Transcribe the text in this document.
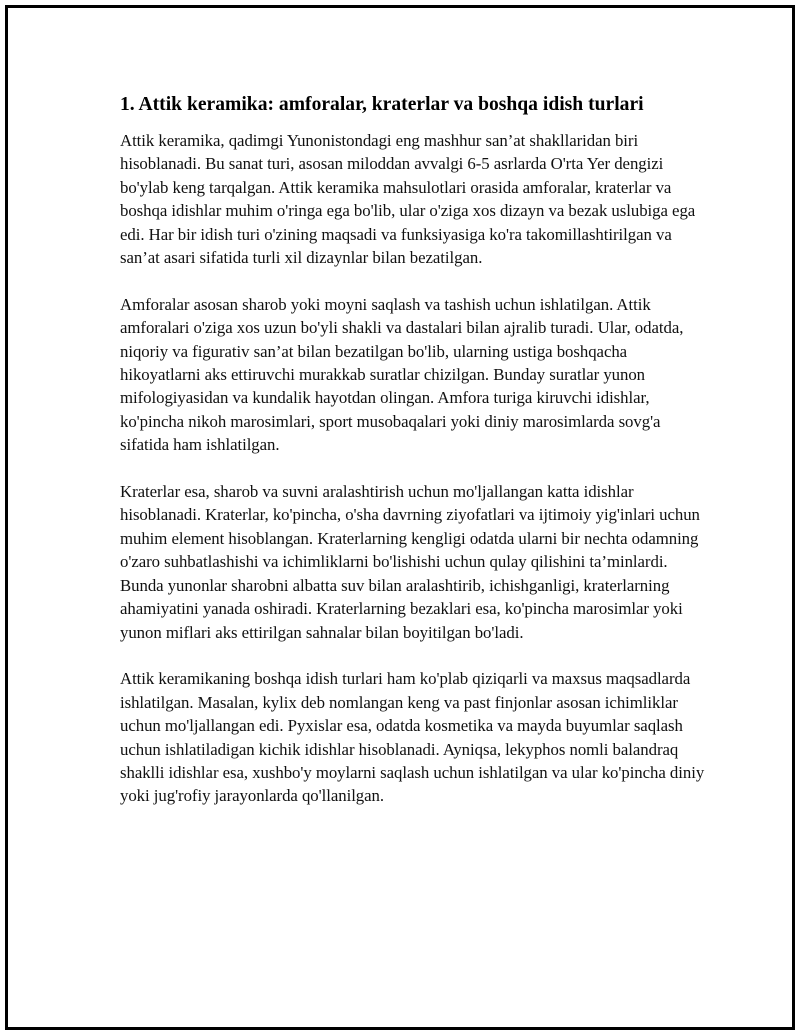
1. Attik keramika: amforalar, kraterlar va boshqa idish turlari

Attik keramika, qadimgi Yunonistondagi eng mashhur san’at shakllaridan biri hisoblanadi. Bu sanat turi, asosan miloddan avvalgi 6-5 asrlarda O'rta Yer dengizi bo'ylab keng tarqalgan. Attik keramika mahsulotlari orasida amforalar, kraterlar va boshqa idishlar muhim o'ringa ega bo'lib, ular o'ziga xos dizayn va bezak uslubiga ega edi. Har bir idish turi o'zining maqsadi va funksiyasiga ko'ra takomillashtirilgan va san’at asari sifatida turli xil dizaynlar bilan bezatilgan.

Amforalar asosan sharob yoki moyni saqlash va tashish uchun ishlatilgan. Attik amforalari o'ziga xos uzun bo'yli shakli va dastalari bilan ajralib turadi. Ular, odatda, niqoriy va figurativ san’at bilan bezatilgan bo'lib, ularning ustiga boshqacha hikoyatlarni aks ettiruvchi murakkab suratlar chizilgan. Bunday suratlar yunon mifologiyasidan va kundalik hayotdan olingan. Amfora turiga kiruvchi idishlar, ko'pincha nikoh marosimlari, sport musobaqalari yoki diniy marosimlarda sovg'a sifatida ham ishlatilgan.

Kraterlar esa, sharob va suvni aralashtirish uchun mo'ljallangan katta idishlar hisoblanadi. Kraterlar, ko'pincha, o'sha davrning ziyofatlari va ijtimoiy yig'inlari uchun muhim element hisoblangan. Kraterlarning kengligi odatda ularni bir nechta odamning o'zaro suhbatlashishi va ichimliklarni bo'lishishi uchun qulay qilishini ta’minlardi. Bunda yunonlar sharobni albatta suv bilan aralashtirib, ichishganligi, kraterlarning ahamiyatini yanada oshiradi. Kraterlarning bezaklari esa, ko'pincha marosimlar yoki yunon miflari aks ettirilgan sahnalar bilan boyitilgan bo'ladi.

Attik keramikaning boshqa idish turlari ham ko'plab qiziqarli va maxsus maqsadlarda ishlatilgan. Masalan, kylix deb nomlangan keng va past finjonlar asosan ichimliklar uchun mo'ljallangan edi. Pyxislar esa, odatda kosmetika va mayda buyumlar saqlash uchun ishlatiladigan kichik idishlar hisoblanadi. Ayniqsa, lekyphos nomli balandraq shaklli idishlar esa, xushbo'y moylarni saqlash uchun ishlatilgan va ular ko'pincha diniy yoki jug'rofiy jarayonlarda qo'llanilgan.
